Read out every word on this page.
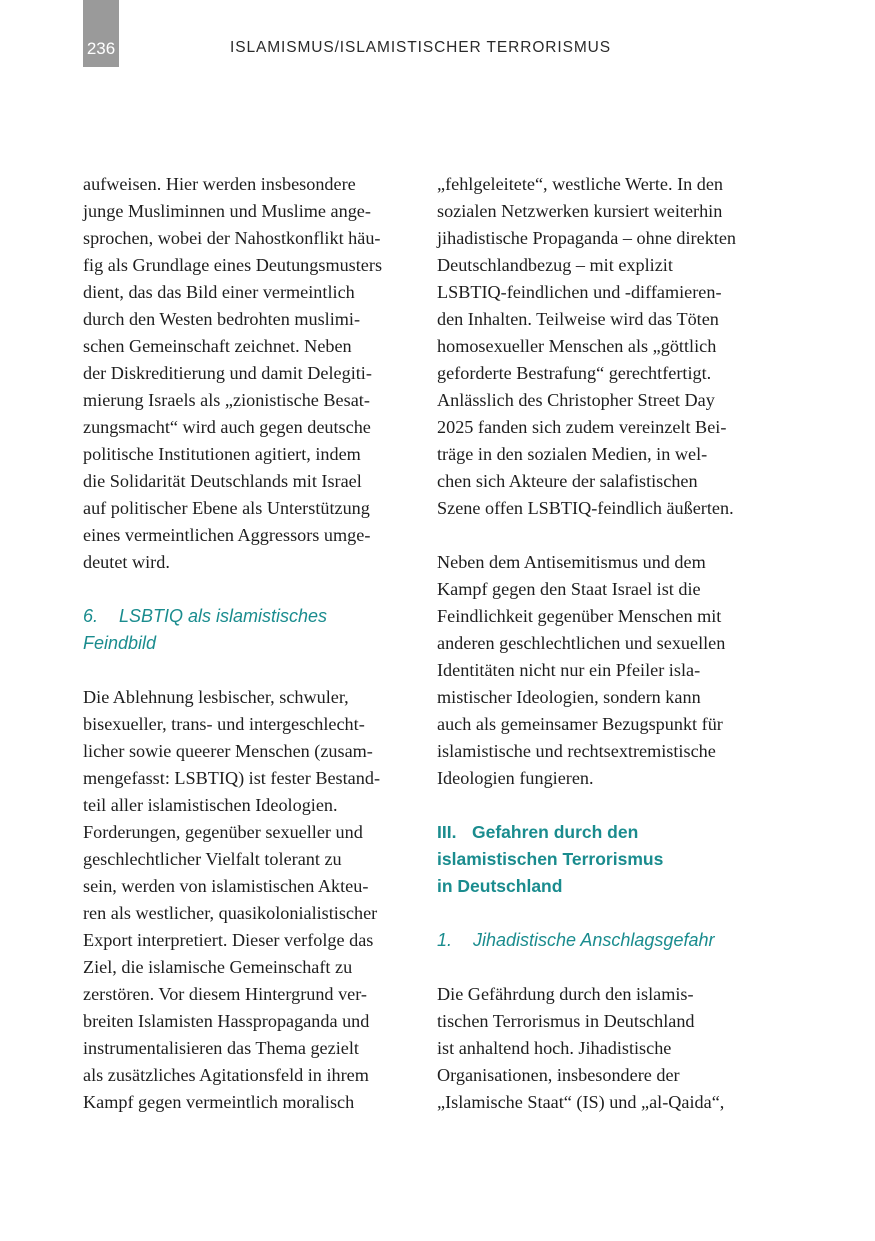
236	ISLAMISMUS/ISLAMISTISCHER TERRORISMUS
aufweisen. Hier werden insbesondere
junge Musliminnen und Muslime ange-
sprochen, wobei der Nahostkonflikt häu-
fig als Grundlage eines Deutungsmusters
dient, das das Bild einer vermeintlich
durch den Westen bedrohten muslimi-
schen Gemeinschaft zeichnet. Neben
der Diskreditierung und damit Delegiti-
mierung Israels als „zionistische Besat-
zungsmacht“ wird auch gegen deutsche
politische Institutionen agitiert, indem
die Solidarität Deutschlands mit Israel
auf politischer Ebene als Unterstützung
eines vermeintlichen Aggressors umge-
deutet wird.
6. LSBTIQ als islamistisches
Feindbild
Die Ablehnung lesbischer, schwuler,
bisexueller, trans- und intergeschlecht-
licher sowie queerer Menschen (zusam-
mengefasst: LSBTIQ) ist fester Bestand-
teil aller islamistischen Ideologien.
Forderungen, gegenüber sexueller und
geschlechtlicher Vielfalt tolerant zu
sein, werden von islamistischen Akteu-
ren als westlicher, quasikolonialistischer
Export interpretiert. Dieser verfolge das
Ziel, die islamische Gemeinschaft zu
zerstören. Vor diesem Hintergrund ver-
breiten Islamisten Hasspropaganda und
instrumentalisieren das Thema gezielt
als zusätzliches Agitationsfeld in ihrem
Kampf gegen vermeintlich moralisch
„fehlgeleitete“, westliche Werte. In den
sozialen Netzwerken kursiert weiterhin
jihadistische Propaganda – ohne direkten
Deutschlandbezug – mit explizit
LSBTIQ-feindlichen und -diffamieren-
den Inhalten. Teilweise wird das Töten
homosexueller Menschen als „göttlich
geforderte Bestrafung“ gerechtfertigt.
Anlässlich des Christopher Street Day
2025 fanden sich zudem vereinzelt Bei-
träge in den sozialen Medien, in wel-
chen sich Akteure der salafistischen
Szene offen LSBTIQ-feindlich äußerten.
Neben dem Antisemitismus und dem
Kampf gegen den Staat Israel ist die
Feindlichkeit gegenüber Menschen mit
anderen geschlechtlichen und sexuellen
Identitäten nicht nur ein Pfeiler isla-
mistischer Ideologien, sondern kann
auch als gemeinsamer Bezugspunkt für
islamistische und rechtsextremistische
Ideologien fungieren.
III. Gefahren durch den
islamistischen Terrorismus
in Deutschland
1. Jihadistische Anschlagsgefahr
Die Gefährdung durch den islamis-
tischen Terrorismus in Deutschland
ist anhaltend hoch. Jihadistische
Organisationen, insbesondere der
„Islamische Staat“ (IS) und „al-Qaida“,
